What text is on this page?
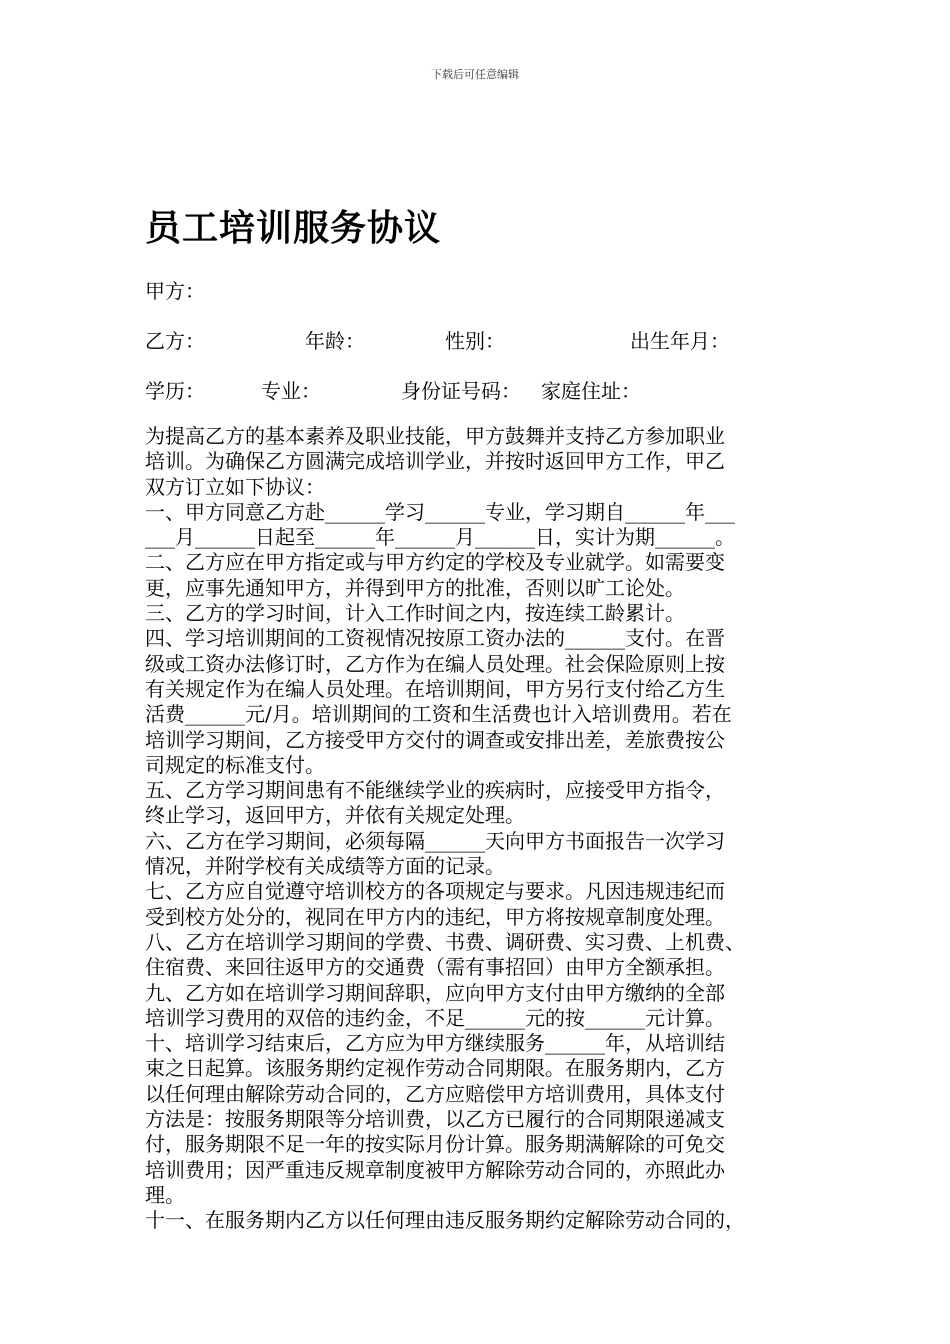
下载后可任意编辑
员工培训服务协议
甲方：
乙方：	年龄：	性别：	出生年月：
学历：	专业：	身份证号码： 家庭住址：

为提高乙方的基本素养及职业技能，甲方鼓舞并支持乙方参加职业

培训。为确保乙方圆满完成培训学业，并按时返回甲方工作，甲乙

双方订立如下协议：

一、甲方同意乙方赴______学习______专业，学习期自______年___

___月______日起至______年______月______日，实计为期______。

二、乙方应在甲方指定或与甲方约定的学校及专业就学。如需要变

更，应事先通知甲方，并得到甲方的批准，否则以旷工论处。

三、乙方的学习时间，计入工作时间之内，按连续工龄累计。

四、学习培训期间的工资视情况按原工资办法的______支付。在晋

级或工资办法修订时，乙方作为在编人员处理。社会保险原则上按

有关规定作为在编人员处理。在培训期间，甲方另行支付给乙方生

活费______元/月。培训期间的工资和生活费也计入培训费用。若在

培训学习期间，乙方接受甲方交付的调查或安排出差，差旅费按公

司规定的标准支付。

五、乙方学习期间患有不能继续学业的疾病时，应接受甲方指令，

终止学习，返回甲方，并依有关规定处理。

六、乙方在学习期间，必须每隔______天向甲方书面报告一次学习

情况，并附学校有关成绩等方面的记录。

七、乙方应自觉遵守培训校方的各项规定与要求。凡因违规违纪而

受到校方处分的，视同在甲方内的违纪，甲方将按规章制度处理。

八、乙方在培训学习期间的学费、书费、调研费、实习费、上机费、

住宿费、来回往返甲方的交通费（需有事招回）由甲方全额承担。

九、乙方如在培训学习期间辞职，应向甲方支付由甲方缴纳的全部

培训学习费用的双倍的违约金，不足______元的按______元计算。

十、培训学习结束后，乙方应为甲方继续服务______年，从培训结

束之日起算。该服务期约定视作劳动合同期限。在服务期内，乙方

以任何理由解除劳动合同的，乙方应赔偿甲方培训费用，具体支付

方法是：按服务期限等分培训费，以乙方已履行的合同期限递减支

付，服务期限不足一年的按实际月份计算。服务期满解除的可免交

培训费用；因严重违反规章制度被甲方解除劳动合同的，亦照此办

理。

十一、在服务期内乙方以任何理由违反服务期约定解除劳动合同的，
